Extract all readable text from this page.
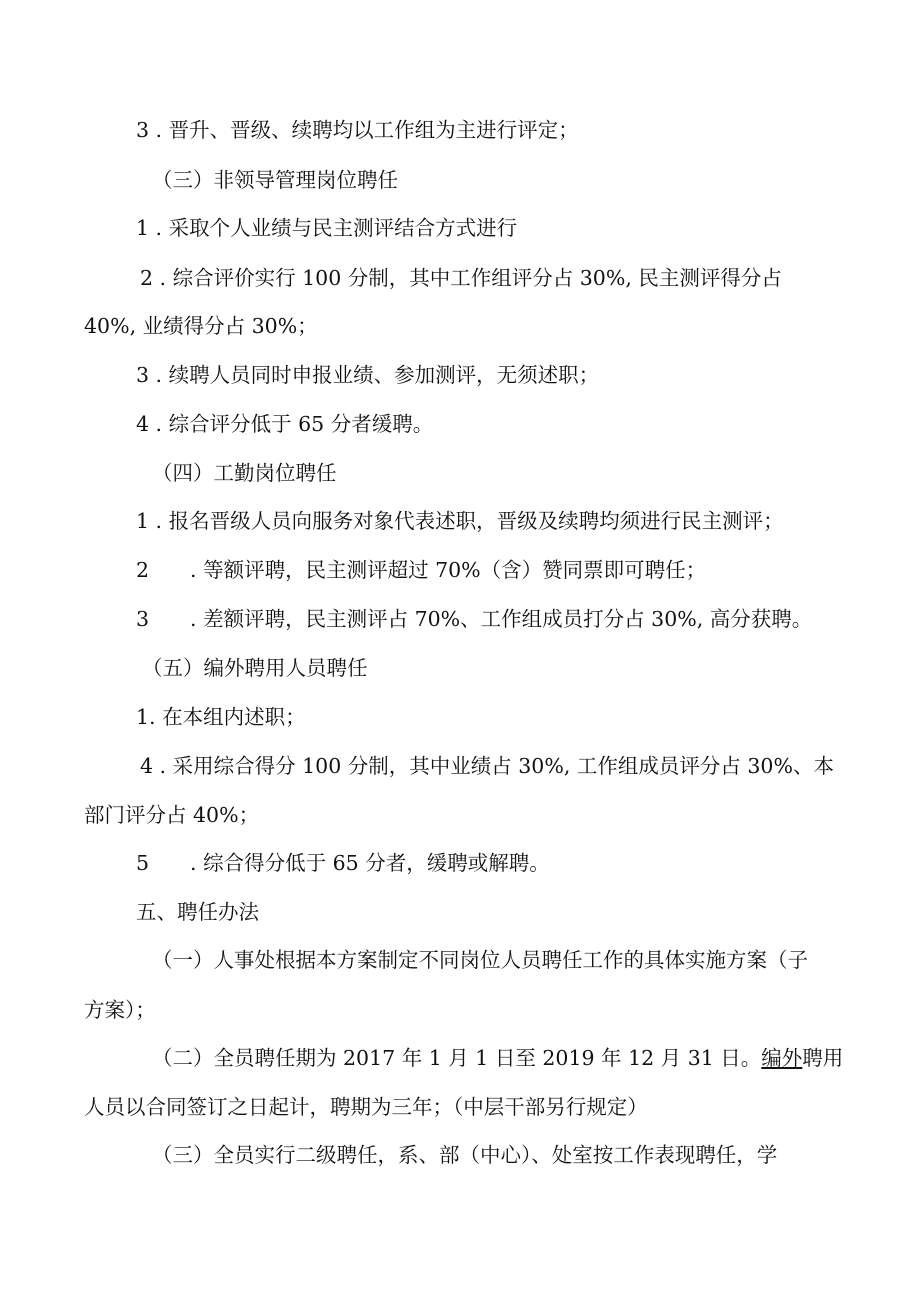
3 . 晋升、晋级、续聘均以工作组为主进行评定；
（三）非领导管理岗位聘任
1 . 采取个人业绩与民主测评结合方式进行
2 . 综合评价实行 100 分制，其中工作组评分占 30%, 民主测评得分占
40%, 业绩得分占 30%；
3 . 续聘人员同时申报业绩、参加测评，无须述职；
4 . 综合评分低于 65 分者缓聘。
（四）工勤岗位聘任
1 . 报名晋级人员向服务对象代表述职，晋级及续聘均须进行民主测评；
2　　. 等额评聘，民主测评超过 70%（含）赞同票即可聘任；
3　　. 差额评聘，民主测评占 70%、工作组成员打分占 30%, 高分获聘。
（五）编外聘用人员聘任
1. 在本组内述职；
4 . 采用综合得分 100 分制，其中业绩占 30%, 工作组成员评分占 30%、本
部门评分占 40%；
5　　. 综合得分低于 65 分者，缓聘或解聘。
五、聘任办法
（一）人事处根据本方案制定不同岗位人员聘任工作的具体实施方案（子
方案）；
（二）全员聘任期为 2017 年 1 月 1 日至 2019 年 12 月 31 日。编外聘用
人员以合同签订之日起计，聘期为三年；（中层干部另行规定）
（三）全员实行二级聘任，系、部（中心）、处室按工作表现聘任，学
